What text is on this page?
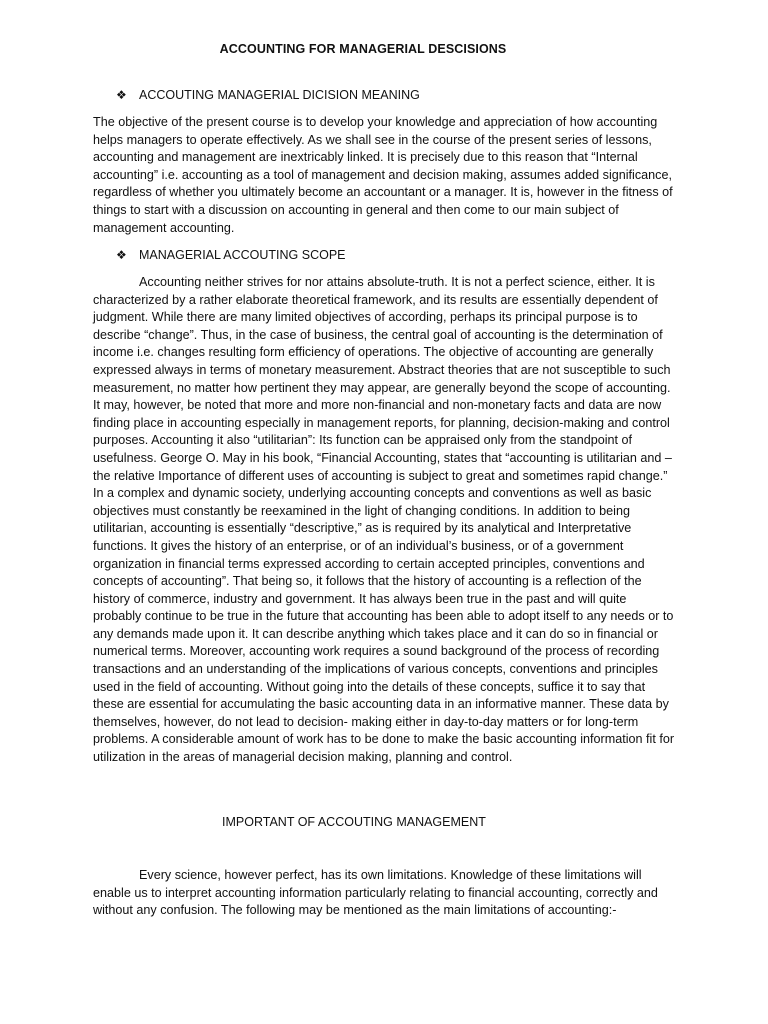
ACCOUNTING FOR MANAGERIAL DESCISIONS
❖ ACCOUTING MANAGERIAL DICISION MEANING

The objective of the present course is to develop your knowledge and appreciation of how accounting helps managers to operate effectively. As we shall see in the course of the present series of lessons, accounting and management are inextricably linked. It is precisely due to this reason that “Internal accounting” i.e. accounting as a tool of management and decision making, assumes added significance, regardless of whether you ultimately become an accountant or a manager. It is, however in the fitness of things to start with a discussion on accounting in general and then come to our main subject of management accounting.

❖ MANAGERIAL ACCOUTING SCOPE

Accounting neither strives for nor attains absolute-truth. It is not a perfect science, either. It is characterized by a rather elaborate theoretical framework, and its results are essentially dependent of judgment. While there are many limited objectives of according, perhaps its principal purpose is to describe “change”. Thus, in the case of business, the central goal of accounting is the determination of income i.e. changes resulting form efficiency of operations. The objective of accounting are generally expressed always in terms of monetary measurement. Abstract theories that are not susceptible to such measurement, no matter how pertinent they may appear, are generally beyond the scope of accounting. It may, however, be noted that more and more non-financial and non-monetary facts and data are now finding place in accounting especially in management reports, for planning, decision-making and control purposes. Accounting it also “utilitarian”: Its function can be appraised only from the standpoint of usefulness. George O. May in his book, “Financial Accounting, states that “accounting is utilitarian and – the relative Importance of different uses of accounting is subject to great and sometimes rapid change.” In a complex and dynamic society, underlying accounting concepts and conventions as well as basic objectives must constantly be reexamined in the light of changing conditions. In addition to being utilitarian, accounting is essentially “descriptive,” as is required by its analytical and Interpretative functions. It gives the history of an enterprise, or of an individual’s business, or of a government organization in financial terms expressed according to certain accepted principles, conventions and concepts of accounting”. That being so, it follows that the history of accounting is a reflection of the history of commerce, industry and government. It has always been true in the past and will quite probably continue to be true in the future that accounting has been able to adopt itself to any needs or to any demands made upon it. It can describe anything which takes place and it can do so in financial or numerical terms. Moreover, accounting work requires a sound background of the process of recording transactions and an understanding of the implications of various concepts, conventions and principles used in the field of accounting. Without going into the details of these concepts, suffice it to say that these are essential for accumulating the basic accounting data in an informative manner. These data by themselves, however, do not lead to decision- making either in day-to-day matters or for long-term problems. A considerable amount of work has to be done to make the basic accounting information fit for utilization in the areas of managerial decision making, planning and control.

IMPORTANT OF ACCOUTING MANAGEMENT

Every science, however perfect, has its own limitations. Knowledge of these limitations will enable us to interpret accounting information particularly relating to financial accounting, correctly and without any confusion. The following may be mentioned as the main limitations of accounting:-
